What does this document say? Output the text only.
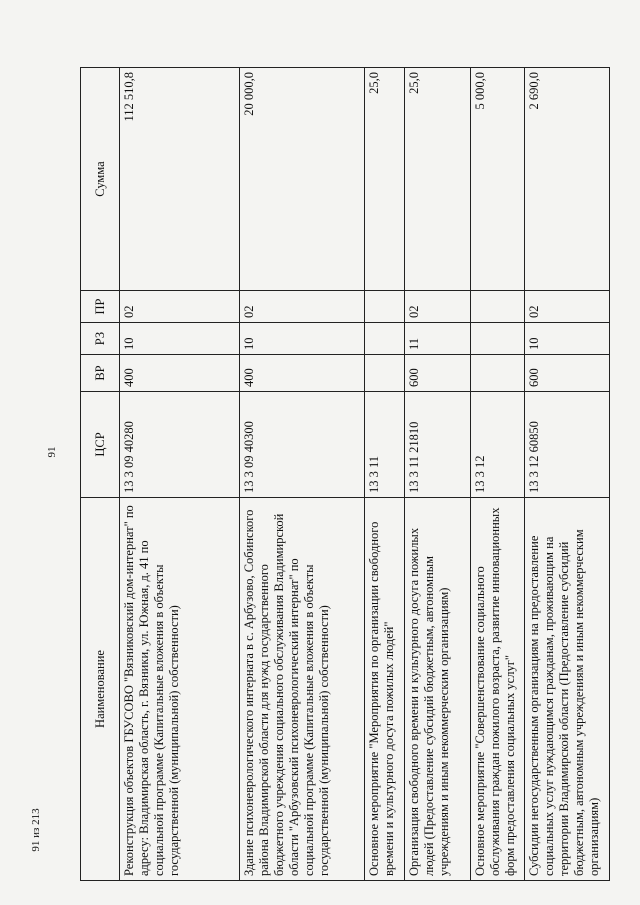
91
91 из 213
Наименование	ЦСР	ВР	РЗ	ПР	Сумма
Реконструкция объектов ГБУСОВО "Вязниковский дом-интернат" по адресу: Владимирская область, г. Вязники, ул. Южная, д. 41 по социальной программе (Капитальные вложения в объекты государственной (муниципальной) собственности)	13 3 09 40280	400	10	02	112 510,8
Здание психоневрологического интерната в с. Арбузово, Собинского района Владимирской области для нужд государственного бюджетного учреждения социального обслуживания Владимирской области "Арбузовский психоневрологический интернат" по социальной программе (Капитальные вложения в объекты государственной (муниципальной) собственности)	13 3 09 40300	400	10	02	20 000,0
Основное мероприятие "Мероприятия по организации свободного времени и культурного досуга пожилых людей"	13 3 11				25,0
Организация свободного времени и культурного досуга пожилых людей (Предоставление субсидий бюджетным, автономным учреждениям и иным некоммерческим организациям)	13 3 11 21810	600	11	02	25,0
Основное мероприятие "Совершенствование социального обслуживания граждан пожилого возраста, развитие инновационных форм предоставления социальных услуг"	13 3 12				5 000,0
Субсидии негосударственным организациям на предоставление социальных услуг нуждающимся гражданам, проживающим на территории Владимирской области (Предоставление субсидий бюджетным, автономным учреждениям и иным некоммерческим организациям)	13 3 12 60850	600	10	02	2 690,0
